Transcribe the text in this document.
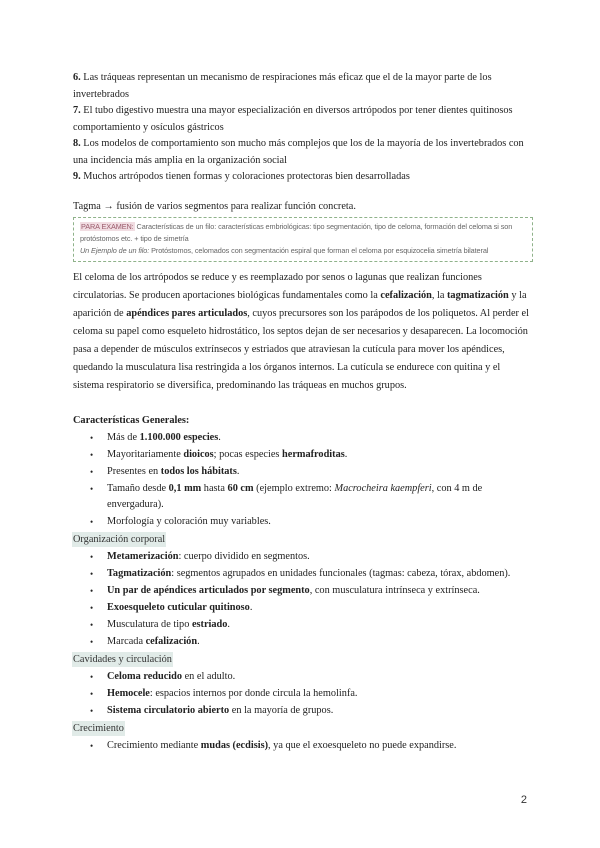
6. Las tráqueas representan un mecanismo de respiraciones más eficaz que el de la mayor parte de los invertebrados

7. El tubo digestivo muestra una mayor especialización en diversos artrópodos por tener dientes quitinosos comportamiento y osículos gástricos

8. Los modelos de comportamiento son mucho más complejos que los de la mayoría de los invertebrados con una incidencia más amplia en la organización social

9. Muchos artrópodos tienen formas y coloraciones protectoras bien desarrolladas

Tagma → fusión de varios segmentos para realizar función concreta.

PARA EXAMEN: Características de un filo: características embriológicas: tipo segmentación, tipo de celoma, formación del celoma si son protóstomos etc. + tipo de simetría
Un Ejemplo de un filo: Protóstomos, celomados con segmentación espiral que forman el celoma por esquizocelia simetría bilateral

El celoma de los artrópodos se reduce y es reemplazado por senos o lagunas que realizan funciones circulatorias. Se producen aportaciones biológicas fundamentales como la cefalización, la tagmatización y la aparición de apéndices pares articulados, cuyos precursores son los parápodos de los poliquetos. Al perder el celoma su papel como esqueleto hidrostático, los septos dejan de ser necesarios y desaparecen. La locomoción pasa a depender de músculos extrínsecos y estriados que atraviesan la cutícula para mover los apéndices, quedando la musculatura lisa restringida a los órganos internos. La cutícula se endurece con quitina y el sistema respiratorio se diversifica, predominando las tráqueas en muchos grupos.

Características Generales:

• Más de 1.100.000 especies.
• Mayoritariamente dioicos; pocas especies hermafroditas.
• Presentes en todos los hábitats.
• Tamaño desde 0,1 mm hasta 60 cm (ejemplo extremo: Macrocheira kaempferi, con 4 m de envergadura).
• Morfología y coloración muy variables.
Organización corporal
• Metamerización: cuerpo dividido en segmentos.
• Tagmatización: segmentos agrupados en unidades funcionales (tagmas: cabeza, tórax, abdomen).
• Un par de apéndices articulados por segmento, con musculatura intrínseca y extrínseca.
• Exoesqueleto cuticular quitinoso.
• Musculatura de tipo estriado.
• Marcada cefalización.
Cavidades y circulación
• Celoma reducido en el adulto.
• Hemocele: espacios internos por donde circula la hemolinfa.
• Sistema circulatorio abierto en la mayoría de grupos.
Crecimiento
• Crecimiento mediante mudas (ecdisis), ya que el exoesqueleto no puede expandirse.
2
